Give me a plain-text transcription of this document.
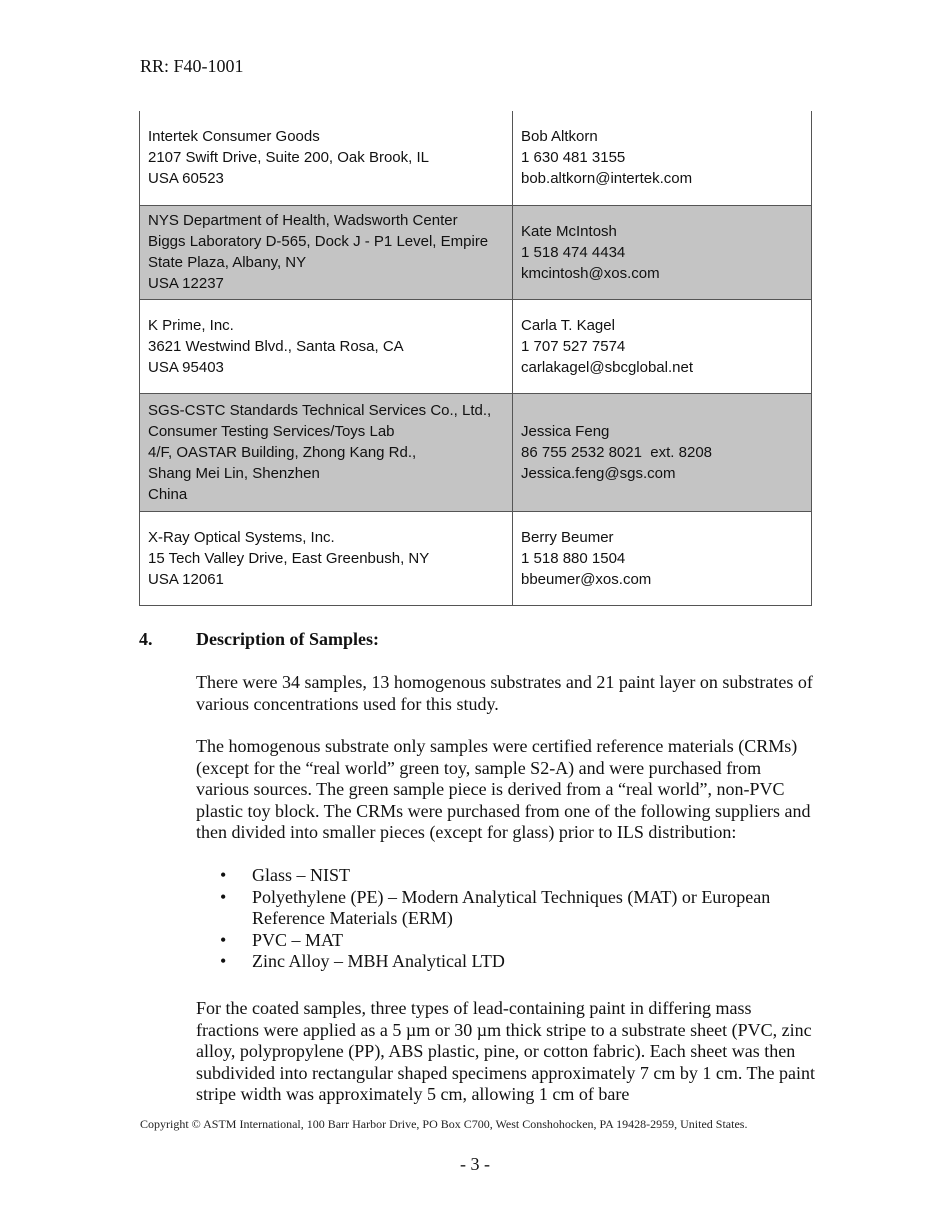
RR: F40-1001
Intertek Consumer Goods
2107 Swift Drive, Suite 200, Oak Brook, IL
USA 60523	Bob Altkorn
1 630 481 3155
bob.altkorn@intertek.com

NYS Department of Health, Wadsworth Center
Biggs Laboratory D-565, Dock J - P1 Level, Empire
State Plaza, Albany, NY
USA 12237	Kate McIntosh
1 518 474 4434
kmcintosh@xos.com

K Prime, Inc.
3621 Westwind Blvd., Santa Rosa, CA
USA 95403	Carla T. Kagel
1 707 527 7574
carlakagel@sbcglobal.net

SGS-CSTC Standards Technical Services Co., Ltd.,
Consumer Testing Services/Toys Lab
4/F, OASTAR Building, Zhong Kang Rd.,
Shang Mei Lin, Shenzhen
China	Jessica Feng
86 755 2532 8021  ext. 8208
Jessica.feng@sgs.com

X-Ray Optical Systems, Inc.
15 Tech Valley Drive, East Greenbush, NY
USA 12061	Berry Beumer
1 518 880 1504
bbeumer@xos.com
4. Description of Samples:

There were 34 samples, 13 homogenous substrates and 21 paint layer on substrates of various concentrations used for this study.

The homogenous substrate only samples were certified reference materials (CRMs) (except for the “real world” green toy, sample S2-A) and were purchased from various sources. The green sample piece is derived from a “real world”, non-PVC plastic toy block. The CRMs were purchased from one of the following suppliers and then divided into smaller pieces (except for glass) prior to ILS distribution:

• Glass – NIST
• Polyethylene (PE) – Modern Analytical Techniques (MAT) or European Reference Materials (ERM)
• PVC – MAT
• Zinc Alloy – MBH Analytical LTD

For the coated samples, three types of lead-containing paint in differing mass fractions were applied as a 5 µm or 30 µm thick stripe to a substrate sheet (PVC, zinc alloy, polypropylene (PP), ABS plastic, pine, or cotton fabric). Each sheet was then subdivided into rectangular shaped specimens approximately 7 cm by 1 cm. The paint stripe width was approximately 5 cm, allowing 1 cm of bare

Copyright © ASTM International, 100 Barr Harbor Drive, PO Box C700, West Conshohocken, PA 19428-2959, United States.
- 3 -
